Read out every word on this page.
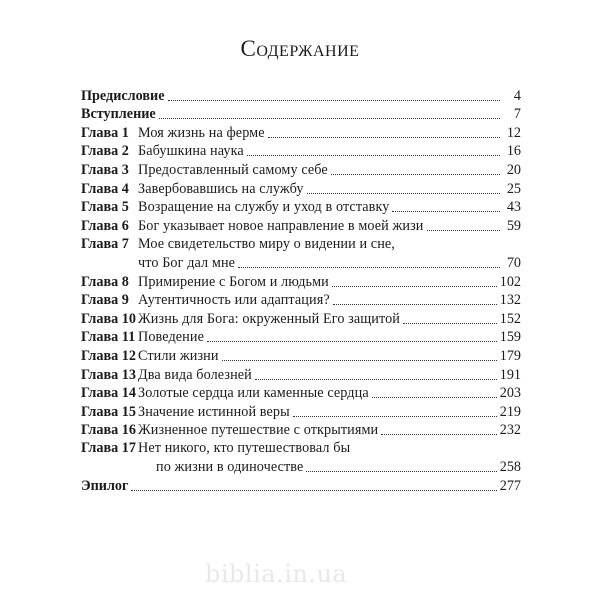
Содержание
Предисловие	4
Вступление	7
Глава 1 Моя жизнь на ферме	12
Глава 2 Бабушкина наука	16
Глава 3 Предоставленный самому себе	20
Глава 4 Завербовавшись на службу	25
Глава 5 Возращение на службу и уход в отставку	43
Глава 6 Бог указывает новое направление в моей жизи	59
Глава 7 Мое свидетельство миру о видении и сне,
что Бог дал мне	70
Глава 8 Примирение с Богом и людьми	102
Глава 9 Аутентичность или адаптация?	132
Глава 10 Жизнь для Бога: окруженный Его защитой	152
Глава 11 Поведение	159
Глава 12 Стили жизни	179
Глава 13 Два вида болезней	191
Глава 14 Золотые сердца или каменные сердца	203
Глава 15 Значение истинной веры	219
Глава 16 Жизненное путешествие с открытиями	232
Глава 17 Нет никого, кто путешествовал бы
по жизни в одиночестве	258
Эпилог	277
biblia.in.ua
